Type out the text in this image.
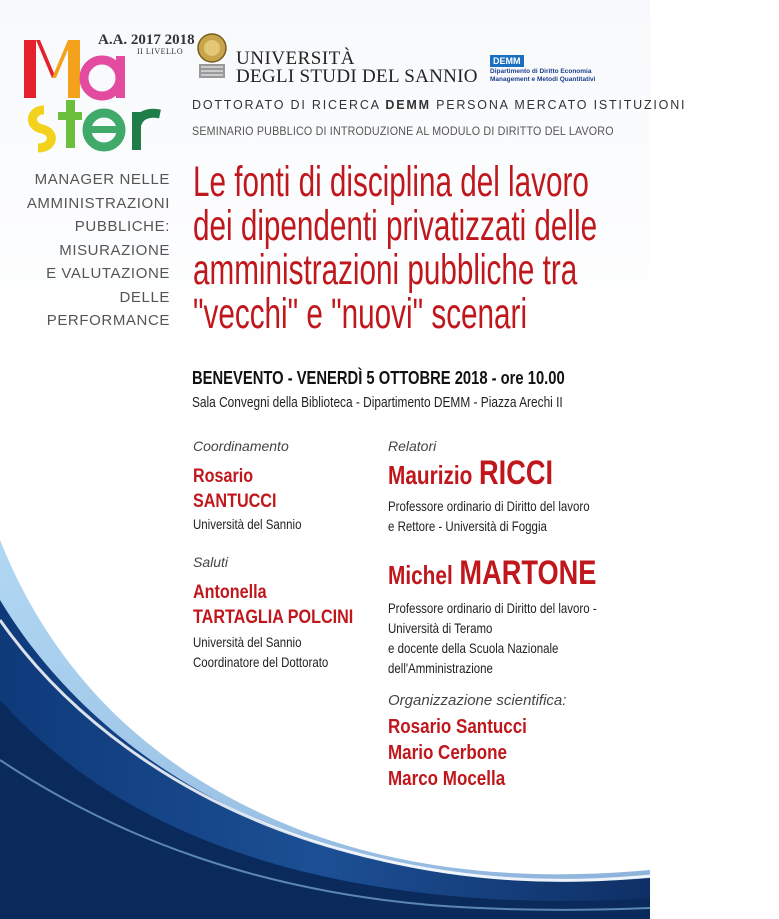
A.A. 2017 2018
II LIVELLO	UNIVERSITÀ
DEGLI STUDI DEL SANNIO
DEMM
Dipartimento di Diritto Economia
Management e Metodi Quantitativi
DOTTORATO DI RICERCA DEMM PERSONA MERCATO ISTITUZIONI
SEMINARIO PUBBLICO DI INTRODUZIONE AL MODULO DI DIRITTO DEL LAVORO
MANAGER NELLE
AMMINISTRAZIONI
PUBBLICHE:
MISURAZIONE
E VALUTAZIONE DELLE
PERFORMANCE
Le fonti di disciplina del lavoro
dei dipendenti privatizzati delle
amministrazioni pubbliche tra
"vecchi" e "nuovi" scenari
BENEVENTO - VENERDÌ 5 OTTOBRE 2018 - ore 10.00
Sala Convegni della Biblioteca - Dipartimento DEMM - Piazza Arechi II
Coordinamento
Rosario
SANTUCCI
Università del Sannio
Saluti
Antonella
TARTAGLIA POLCINI
Università del Sannio
Coordinatore del Dottorato
Relatori
Maurizio RICCI
Professore ordinario di Diritto del lavoro
e Rettore - Università di Foggia
Michel MARTONE
Professore ordinario di Diritto del lavoro -
Università di Teramo
e docente della Scuola Nazionale
dell'Amministrazione
Organizzazione scientifica:
Rosario Santucci
Mario Cerbone
Marco Mocella
